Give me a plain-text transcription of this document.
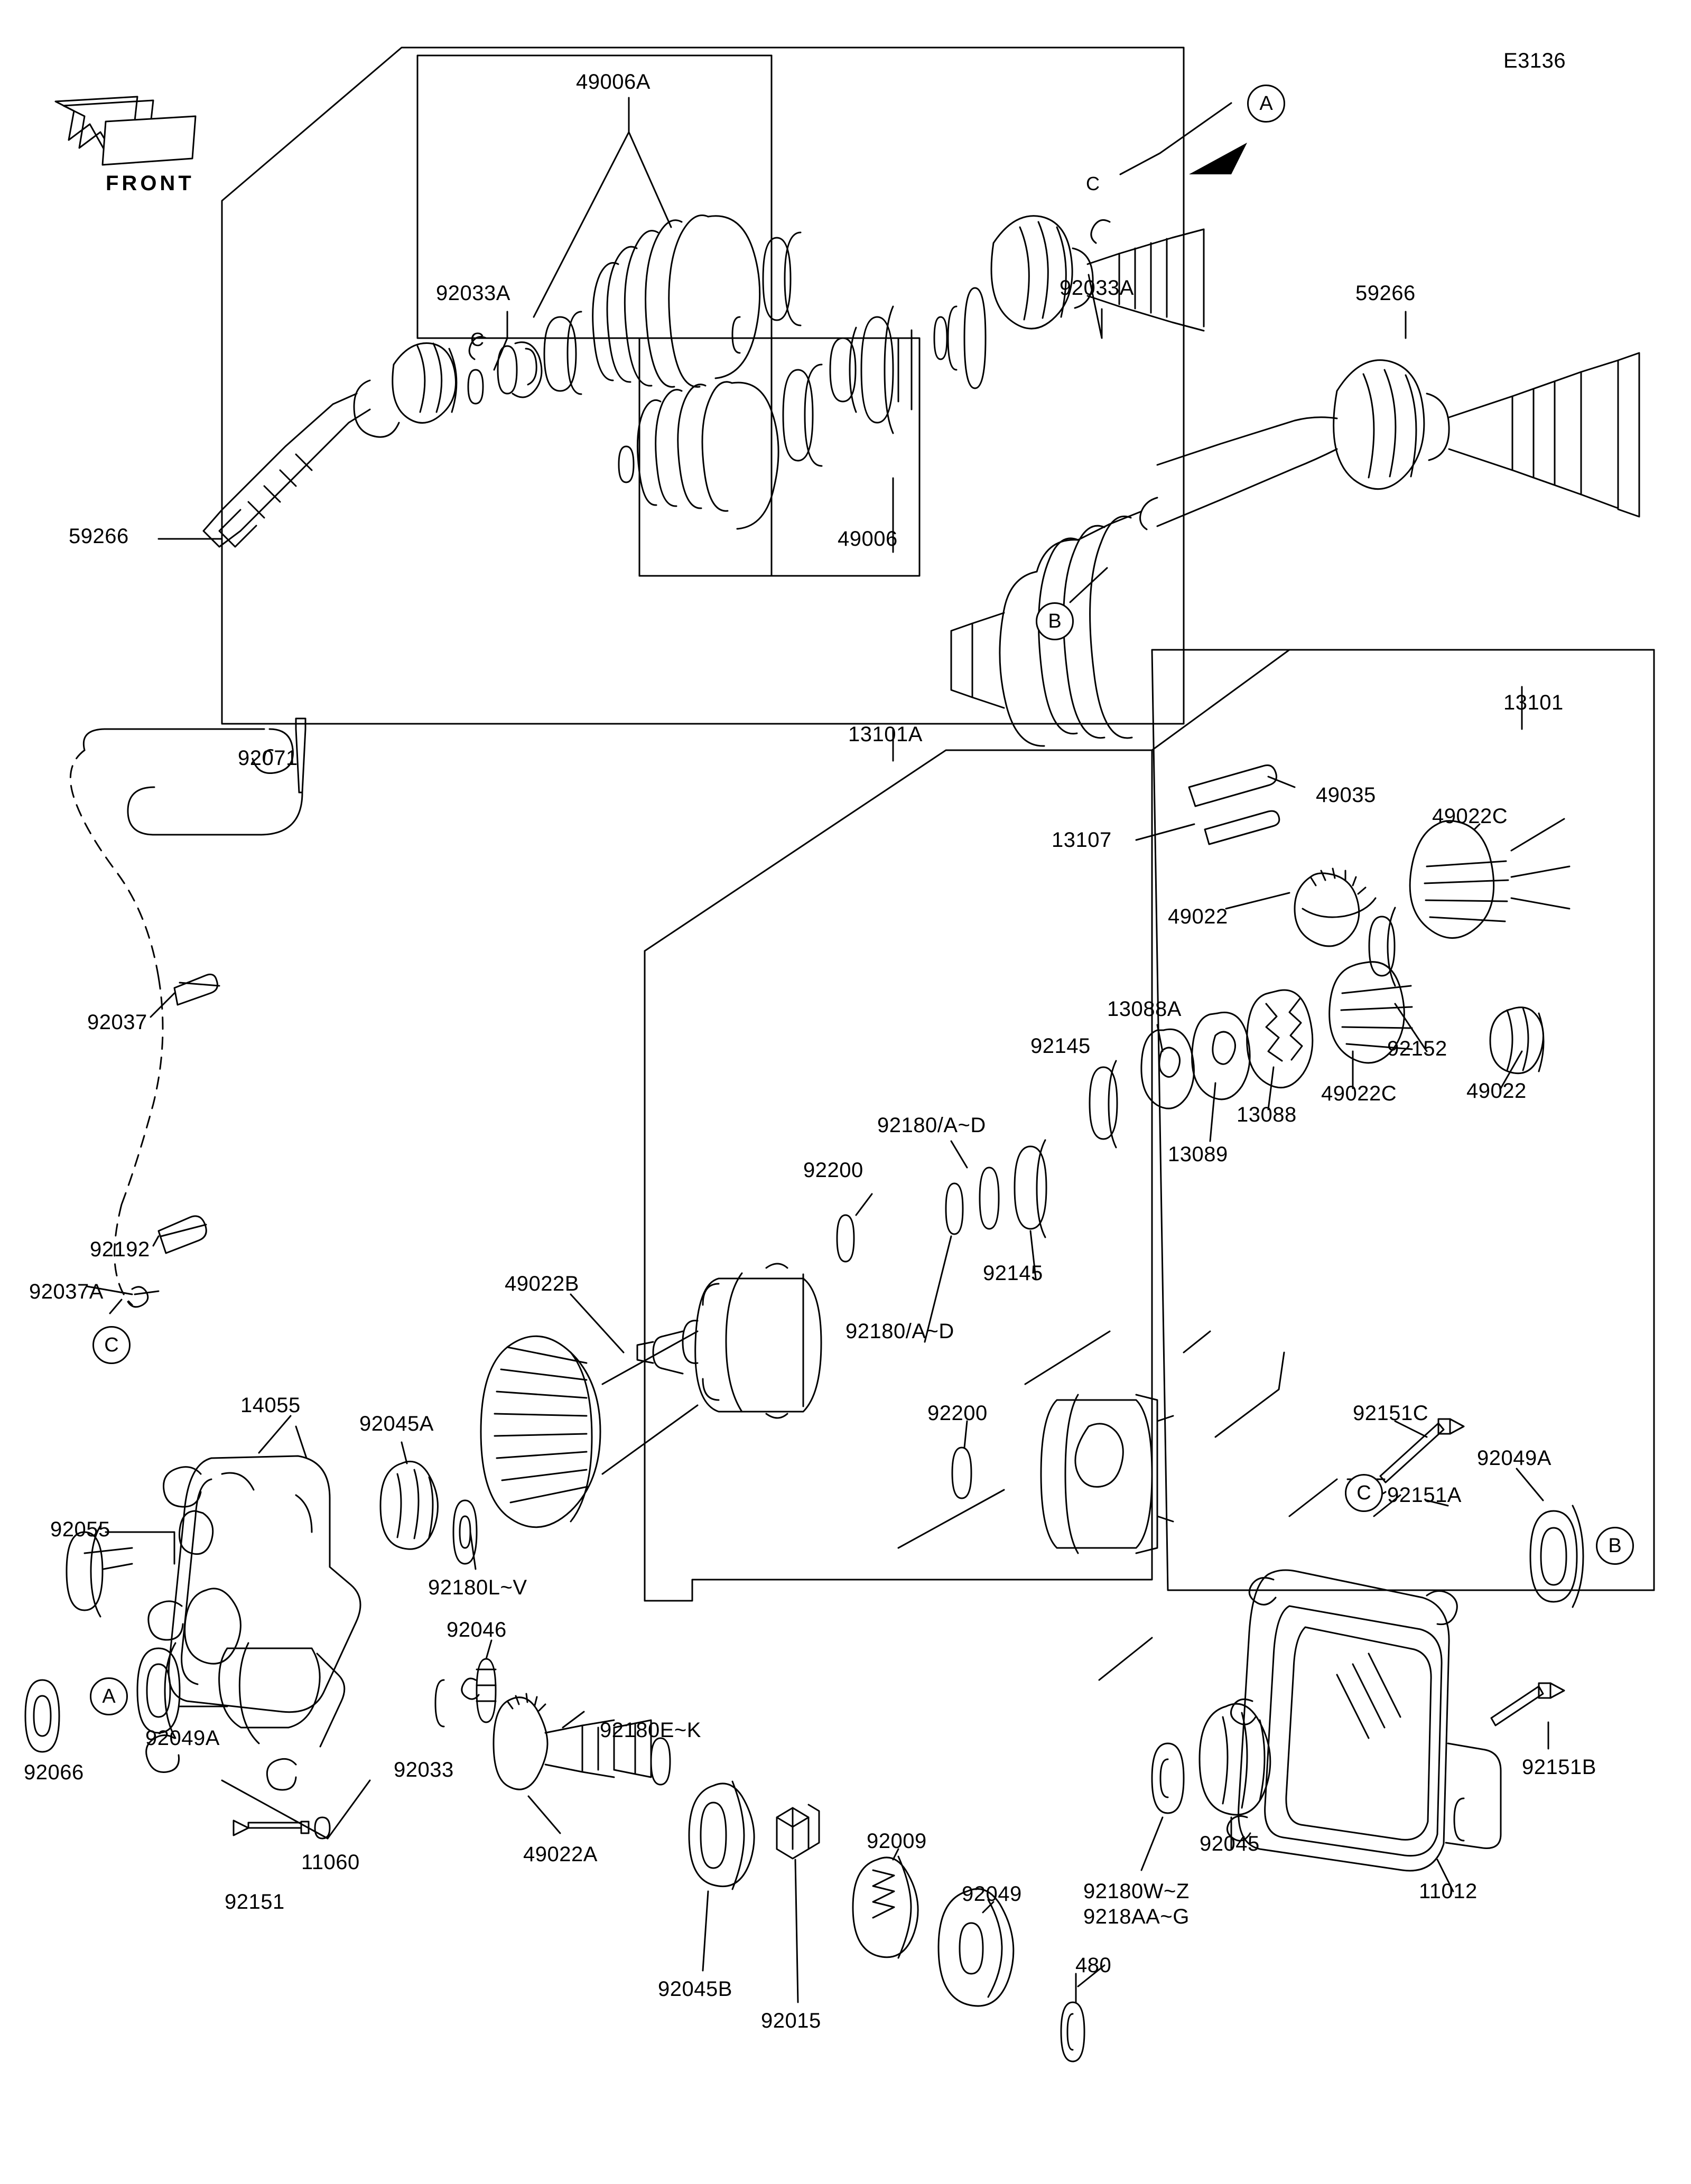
E3136
FRONT
49006A
92033A	92033A
49006
59266
59266
13101A
13101
92071
49035
49022C
13107
49022
13088A
92145	92152
49022C	49022
13088
13089
92180/A~D
92200
92145
92180/A~D
92037
92192
92037A	49022B
92200	92151C
92049A
92151A
14055
92045A
92055
92180L~V
92046
92066
92049A
92033
92180E~K
11060
92151
49022A
92009
92049
92045
92180W~Z
9218AA~G
11012
92151B
92045B
92015
480
A
B
C
C
B
A
C
C
